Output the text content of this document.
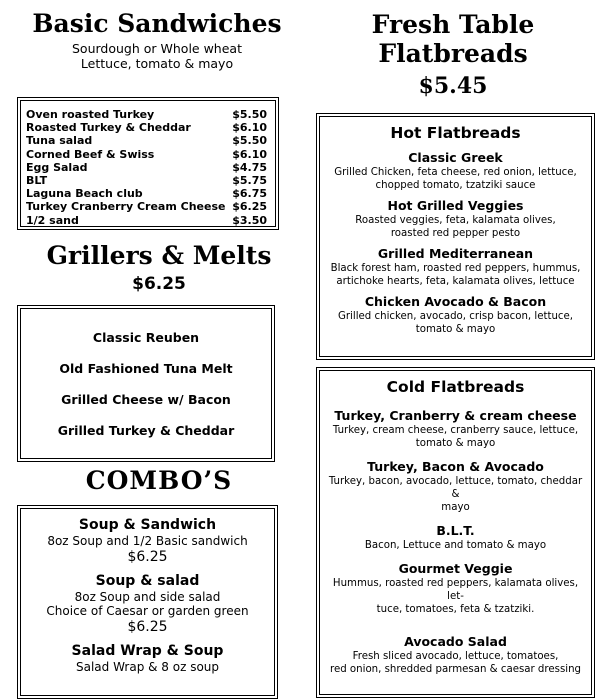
Basic Sandwiches
Sourdough or Whole wheat
Lettuce, tomato & mayo
Oven roasted Turkey	$5.50
Roasted Turkey & Cheddar	$6.10
Tuna salad	$5.50
Corned Beef & Swiss	$6.10
Egg Salad	$4.75
BLT	$5.75
Laguna Beach club	$6.75
Turkey Cranberry Cream Cheese $6.25
1/2 sand	$3.50
Grillers & Melts
$6.25
Classic Reuben
Old Fashioned Tuna Melt
Grilled Cheese w/ Bacon
Grilled Turkey & Cheddar
COMBO’S
Soup & Sandwich
8oz Soup and 1/2 Basic sandwich
$6.25
Soup & salad
8oz Soup and side salad
Choice of Caesar or garden green
$6.25
Salad Wrap & Soup
Salad Wrap & 8 oz soup
Fresh Table
Flatbreads
$5.45
Hot Flatbreads
Classic Greek
Grilled Chicken, feta cheese, red onion, lettuce,
chopped tomato, tzatziki sauce
Hot Grilled Veggies
Roasted veggies, feta, kalamata olives,
roasted red pepper pesto
Grilled Mediterranean
Black forest ham, roasted red peppers, hummus,
artichoke hearts, feta, kalamata olives, lettuce
Chicken Avocado & Bacon
Grilled chicken, avocado, crisp bacon, lettuce,
tomato & mayo
Cold Flatbreads
Turkey, Cranberry & cream cheese
Turkey, cream cheese, cranberry sauce, lettuce,
tomato & mayo
Turkey, Bacon & Avocado
Turkey, bacon, avocado, lettuce, tomato, cheddar &
mayo
B.L.T.
Bacon, Lettuce and tomato & mayo
Gourmet Veggie
Hummus, roasted red peppers, kalamata olives, let-
tuce, tomatoes, feta & tzatziki.
Avocado Salad
Fresh sliced avocado, lettuce, tomatoes,
red onion, shredded parmesan & caesar dressing
